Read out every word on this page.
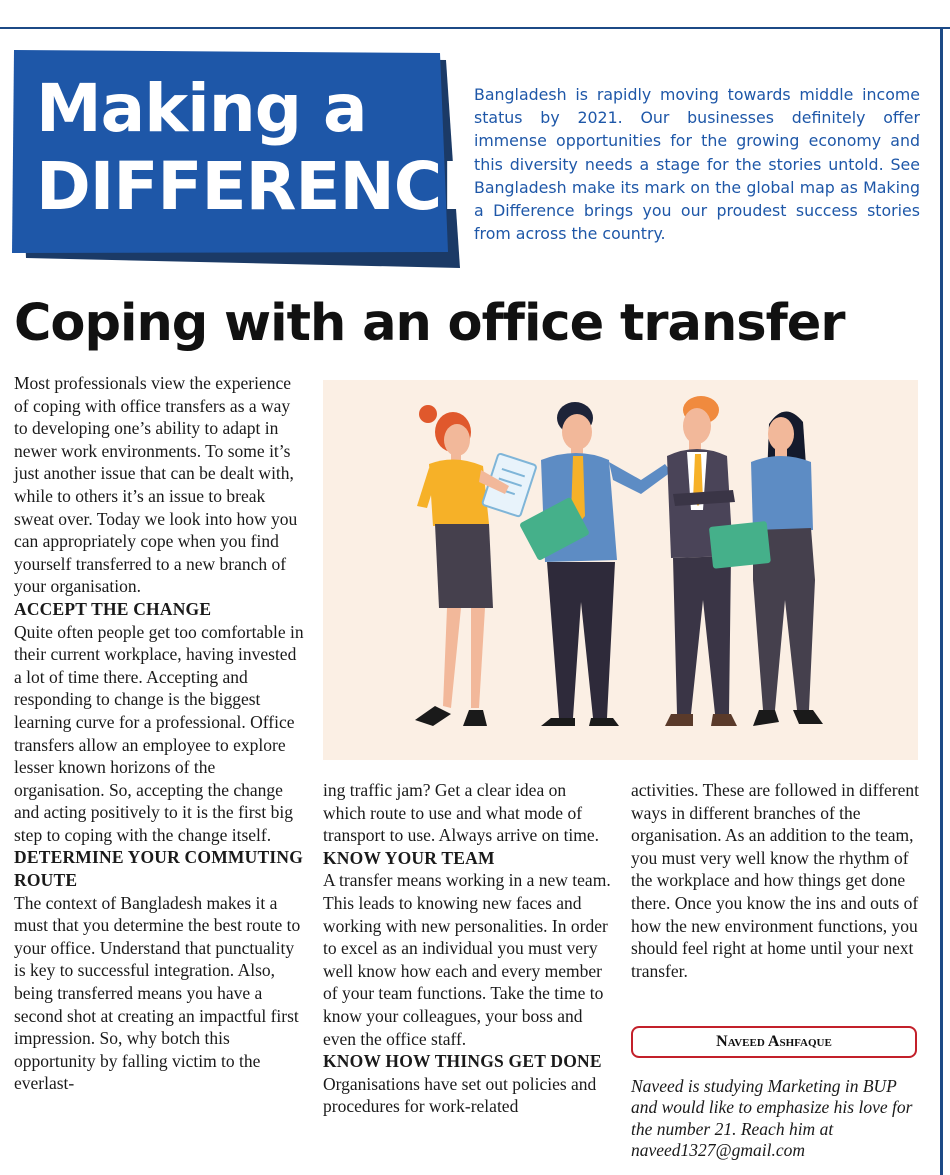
Making a
DIFFERENCE
Bangladesh is rapidly moving towards middle income status by 2021. Our businesses definitely offer immense opportunities for the growing economy and this diversity needs a stage for the stories untold. See Bangladesh make its mark on the global map as Making a Difference brings you our proudest success stories from across the country.
Coping with an office transfer

Most professionals view the experience of coping with office transfers as a way to developing one’s ability to adapt in newer work environments. To some it’s just another issue that can be dealt with, while to others it’s an issue to break sweat over. Today we look into how you can appropriately cope when you find yourself transferred to a new branch of your organisation.

ACCEPT THE CHANGE

Quite often people get too comfortable in their current workplace, having invested a lot of time there. Accepting and responding to change is the biggest learning curve for a professional. Office transfers allow an employee to explore lesser known horizons of the organisation. So, accepting the change and acting positively to it is the first big step to coping with the change itself.

DETERMINE YOUR COMMUTING ROUTE

The context of Bangladesh makes it a must that you determine the best route to your office. Understand that punctuality is key to successful integration. Also, being transferred means you have a second shot at creating an impactful first impression. So, why botch this opportunity by falling victim to the everlast-

ing traffic jam? Get a clear idea on which route to use and what mode of transport to use. Always arrive on time.

KNOW YOUR TEAM

A transfer means working in a new team. This leads to knowing new faces and working with new personalities. In order to excel as an individual you must very well know how each and every member of your team functions. Take the time to know your colleagues, your boss and even the office staff.

KNOW HOW THINGS GET DONE

Organisations have set out policies and procedures for work-related

activities. These are followed in different ways in different branches of the organisation. As an addition to the team, you must very well know the rhythm of the workplace and how things get done there. Once you know the ins and outs of how the new environment functions, you should feel right at home until your next transfer.

Naveed Ashfaque
Naveed is studying Marketing in BUP and would like to emphasize his love for the number 21. Reach him at naveed1327@gmail.com
